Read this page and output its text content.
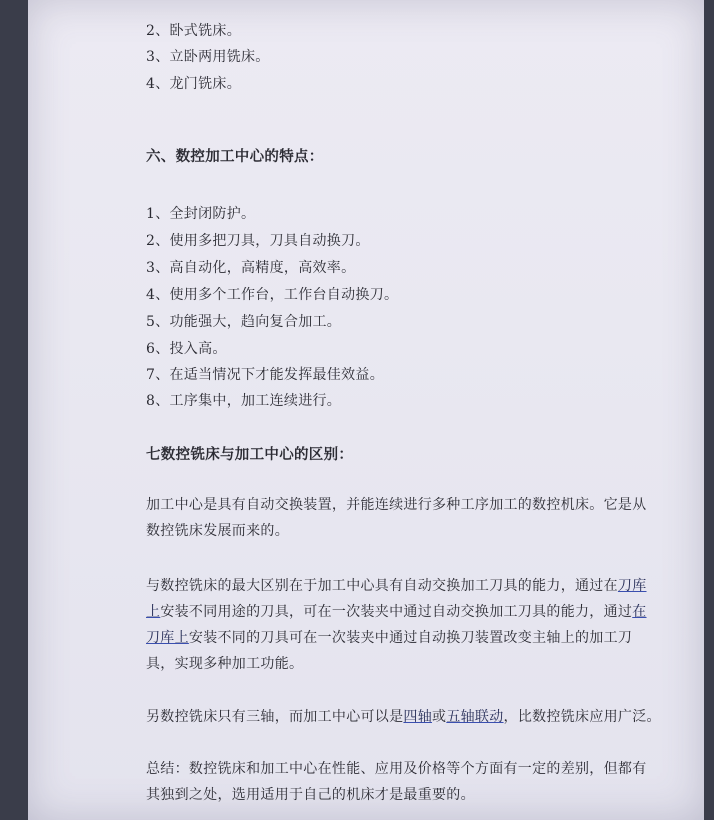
2、卧式铣床。
3、立卧两用铣床。
4、龙门铣床。
六、数控加工中心的特点：
1、全封闭防护。
2、使用多把刀具，刀具自动换刀。
3、高自动化，高精度，高效率。
4、使用多个工作台，工作台自动换刀。
5、功能强大，趋向复合加工。
6、投入高。
7、在适当情况下才能发挥最佳效益。
8、工序集中，加工连续进行。
七数控铣床与加工中心的区别：
加工中心是具有自动交换装置，并能连续进行多种工序加工的数控机床。它是从
数控铣床发展而来的。
与数控铣床的最大区别在于加工中心具有自动交换加工刀具的能力，通过在刀库
上安装不同用途的刀具，可在一次装夹中通过自动交换加工刀具的能力，通过在
刀库上安装不同的刀具可在一次装夹中通过自动换刀装置改变主轴上的加工刀
具，实现多种加工功能。
另数控铣床只有三轴，而加工中心可以是四轴或五轴联动，比数控铣床应用广泛。
总结：数控铣床和加工中心在性能、应用及价格等个方面有一定的差别，但都有
其独到之处，选用适用于自己的机床才是最重要的。
